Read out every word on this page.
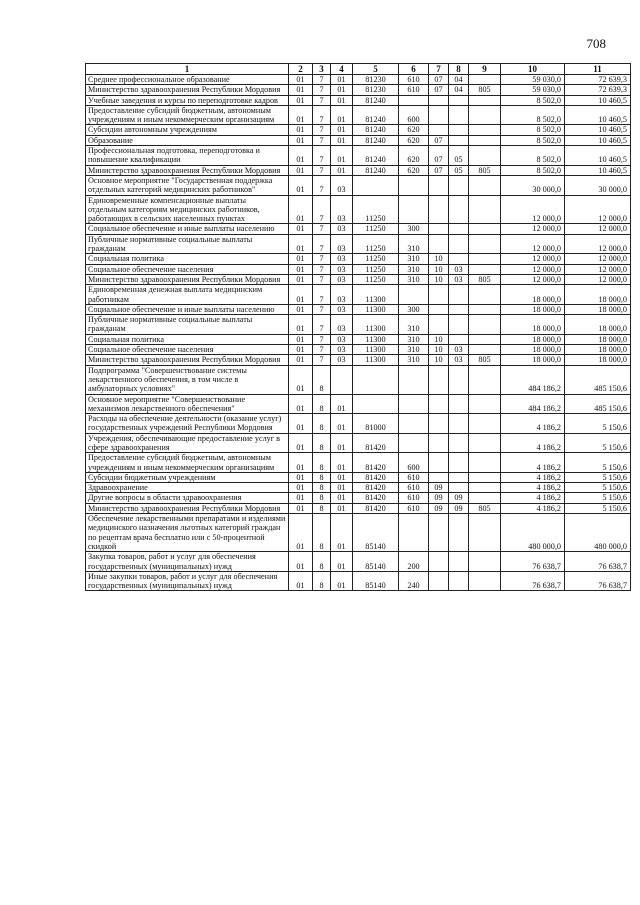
708
1	2	3	4	5	6	7	8	9	10	11
Среднее профессиональное образование	01	7	01	81230	610	07	04		59 030,0	72 639,3
Министерство здравоохранения Республики Мордовия	01	7	01	81230	610	07	04	805	59 030,0	72 639,3
Учебные заведения и курсы по переподготовке кадров	01	7	01	81240					8 502,0	10 460,5
Предоставление субсидий бюджетным, автономным учреждениям и иным некоммерческим организациям	01	7	01	81240	600				8 502,0	10 460,5
Субсидии автономным учреждениям	01	7	01	81240	620				8 502,0	10 460,5
Образование	01	7	01	81240	620	07			8 502,0	10 460,5
Профессиональная подготовка, переподготовка и повышение квалификации	01	7	01	81240	620	07	05		8 502,0	10 460,5
Министерство здравоохранения Республики Мордовия	01	7	01	81240	620	07	05	805	8 502,0	10 460,5
Основное мероприятие "Государственная поддержка отдельных категорий медицинских работников"	01	7	03						30 000,0	30 000,0
Единовременные компенсационные выплаты отдельным категориям медицинских работников, работающих в сельских населенных пунктах	01	7	03	11250					12 000,0	12 000,0
Социальное обеспечение и иные выплаты населению	01	7	03	11250	300				12 000,0	12 000,0
Публичные нормативные социальные выплаты гражданам	01	7	03	11250	310				12 000,0	12 000,0
Социальная политика	01	7	03	11250	310	10			12 000,0	12 000,0
Социальное обеспечение населения	01	7	03	11250	310	10	03		12 000,0	12 000,0
Министерство здравоохранения Республики Мордовия	01	7	03	11250	310	10	03	805	12 000,0	12 000,0
Единовременная денежная выплата медицинским работникам	01	7	03	11300					18 000,0	18 000,0
Социальное обеспечение и иные выплаты населению	01	7	03	11300	300				18 000,0	18 000,0
Публичные нормативные социальные выплаты гражданам	01	7	03	11300	310				18 000,0	18 000,0
Социальная политика	01	7	03	11300	310	10			18 000,0	18 000,0
Социальное обеспечение населения	01	7	03	11300	310	10	03		18 000,0	18 000,0
Министерство здравоохранения Республики Мордовия	01	7	03	11300	310	10	03	805	18 000,0	18 000,0
Подпрограмма "Совершенствование системы лекарственного обеспечения, в том числе в амбулаторных условиях"	01	8							484 186,2	485 150,6
Основное мероприятие "Совершенствование механизмов лекарственного обеспечения"	01	8	01						484 186,2	485 150,6
Расходы на обеспечение деятельности (оказание услуг) государственных учреждений Республики Мордовия	01	8	01	81000					4 186,2	5 150,6
Учреждения, обеспечивающие предоставление услуг в сфере здравоохранения	01	8	01	81420					4 186,2	5 150,6
Предоставление субсидий бюджетным, автономным учреждениям и иным некоммерческим организациям	01	8	01	81420	600				4 186,2	5 150,6
Субсидии бюджетным учреждениям	01	8	01	81420	610				4 186,2	5 150,6
Здравоохранение	01	8	01	81420	610	09			4 186,2	5 150,6
Другие вопросы в области здравоохранения	01	8	01	81420	610	09	09		4 186,2	5 150,6
Министерство здравоохранения Республики Мордовия	01	8	01	81420	610	09	09	805	4 186,2	5 150,6
Обеспечение лекарственными препаратами и изделиями медицинского назначения льготных категорий граждан по рецептам врача бесплатно или с 50-процентной скидкой	01	8	01	85140					480 000,0	480 000,0
Закупка товаров, работ и услуг для обеспечения государственных (муниципальных) нужд	01	8	01	85140	200				76 638,7	76 638,7
Иные закупки товаров, работ и услуг для обеспечения государственных (муниципальных) нужд	01	8	01	85140	240				76 638,7	76 638,7
